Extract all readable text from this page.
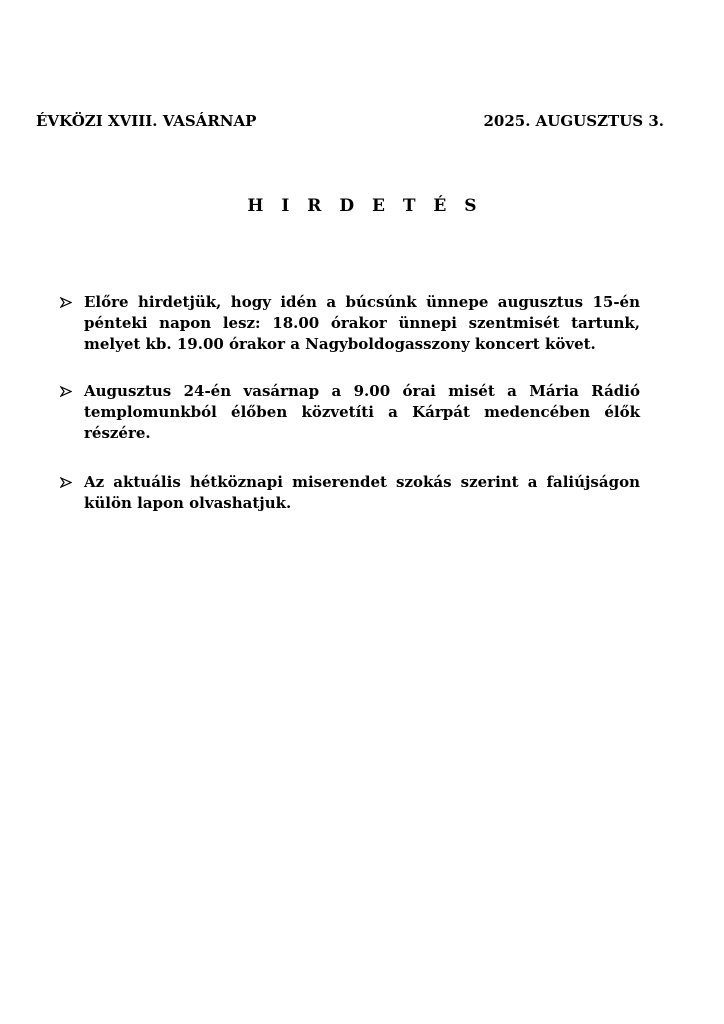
ÉVKÖZI XVIII. VASÁRNAP	2025. AUGUSZTUS 3.
H I R D E T É S
Előre hirdetjük, hogy idén a búcsúnk ünnepe augusztus 15-én pénteki napon lesz: 18.00 órakor ünnepi szentmisét tartunk, melyet kb. 19.00 órakor a Nagyboldogasszony koncert követ.
Augusztus 24-én vasárnap a 9.00 órai misét a Mária Rádió templomunkból élőben közvetíti a Kárpát medencében élők részére.
Az aktuális hétköznapi miserendet szokás szerint a faliújságon külön lapon olvashatjuk.
